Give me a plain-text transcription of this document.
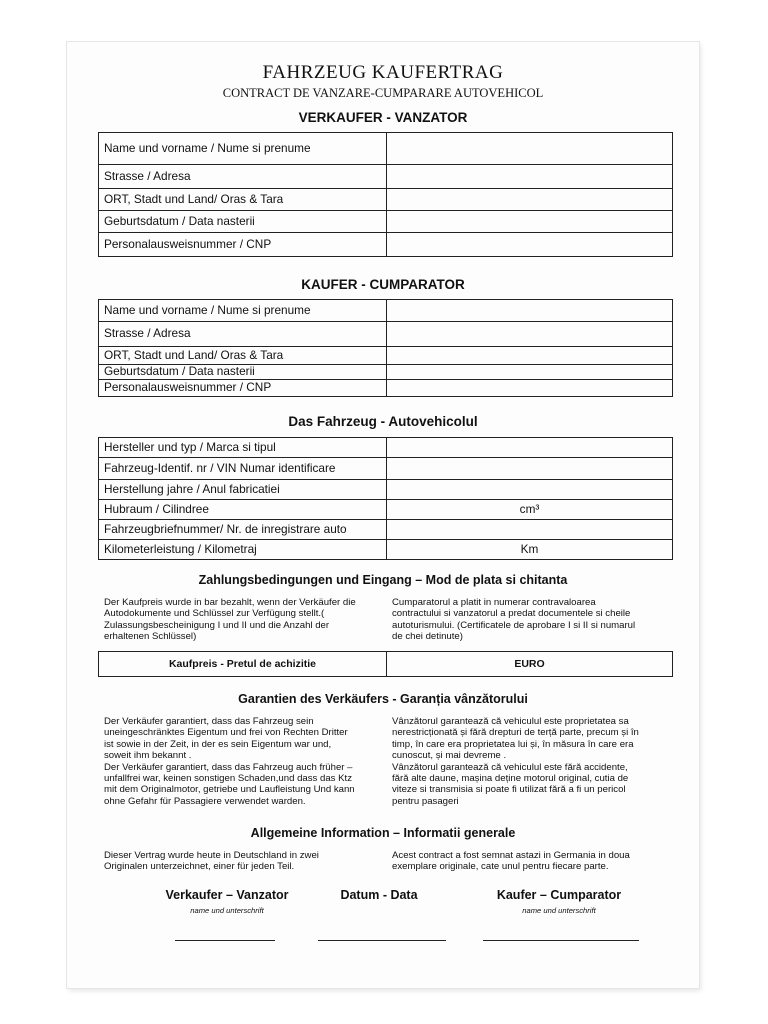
FAHRZEUG KAUFERTRAG
CONTRACT DE VANZARE-CUMPARARE AUTOVEHICOL
VERKAUFER - VANZATOR
Name und vorname / Nume si prenume	
Strasse / Adresa	
ORT, Stadt und Land/ Oras & Tara	
Geburtsdatum / Data nasterii	
Personalausweisnummer / CNP	
KAUFER - CUMPARATOR
Name und vorname / Nume si prenume	
Strasse / Adresa	
ORT, Stadt und Land/ Oras & Tara	
Geburtsdatum / Data nasterii	
Personalausweisnummer / CNP	
Das Fahrzeug - Autovehicolul
Hersteller und typ / Marca si tipul	
Fahrzeug-Identif. nr / VIN Numar identificare	
Herstellung jahre / Anul fabricatiei	
Hubraum / Cilindree	cm³
Fahrzeugbriefnummer/ Nr. de inregistrare auto	
Kilometerleistung / Kilometraj	Km
Zahlungsbedingungen und Eingang – Mod de plata si chitanta
Der Kaufpreis wurde in bar bezahlt, wenn der Verkäufer die
Autodokumente und Schlüssel zur Verfügung stellt.(
Zulassungsbescheinigung I und II und die Anzahl der
erhaltenen Schlüssel)
Cumparatorul a platit in numerar contravaloarea
contractului si vanzatorul a predat documentele si cheile
autoturismului. (Certificatele de aprobare I si II si numarul
de chei detinute)
Kaufpreis - Pretul de achizitie	EURO
Garantien des Verkäufers - Garanția vânzătorului
Der Verkäufer garantiert, dass das Fahrzeug sein
uneingeschränktes Eigentum und frei von Rechten Dritter
ist sowie in der Zeit, in der es sein Eigentum war und,
soweit ihm bekannt .
Der Verkäufer garantiert, dass das Fahrzeug auch früher –
unfallfrei war, keinen sonstigen Schaden,und dass das Ktz
mit dem Originalmotor, getriebe und Laufleistung Und kann
ohne Gefahr für Passagiere verwendet warden.
Vânzătorul garantează că vehiculul este proprietatea sa
nerestricționată și fără drepturi de terță parte, precum și în
timp, în care era proprietatea lui și, în măsura în care era
cunoscut, și mai devreme .
Vânzătorul garantează că vehiculul este fără accidente,
fără alte daune, mașina deține motorul original, cutia de
viteze si transmisia si poate fi utilizat fără a fi un pericol
pentru pasageri
Allgemeine Information – Informatii generale
Dieser Vertrag wurde heute in Deutschland in zwei
Originalen unterzeichnet, einer für jeden Teil.
Acest contract a fost semnat astazi in Germania in doua
exemplare originale, cate unul pentru fiecare parte.
Verkaufer – Vanzator
name und unterschrift
Datum - Data	Kaufer – Cumparator
name und unterschrift
